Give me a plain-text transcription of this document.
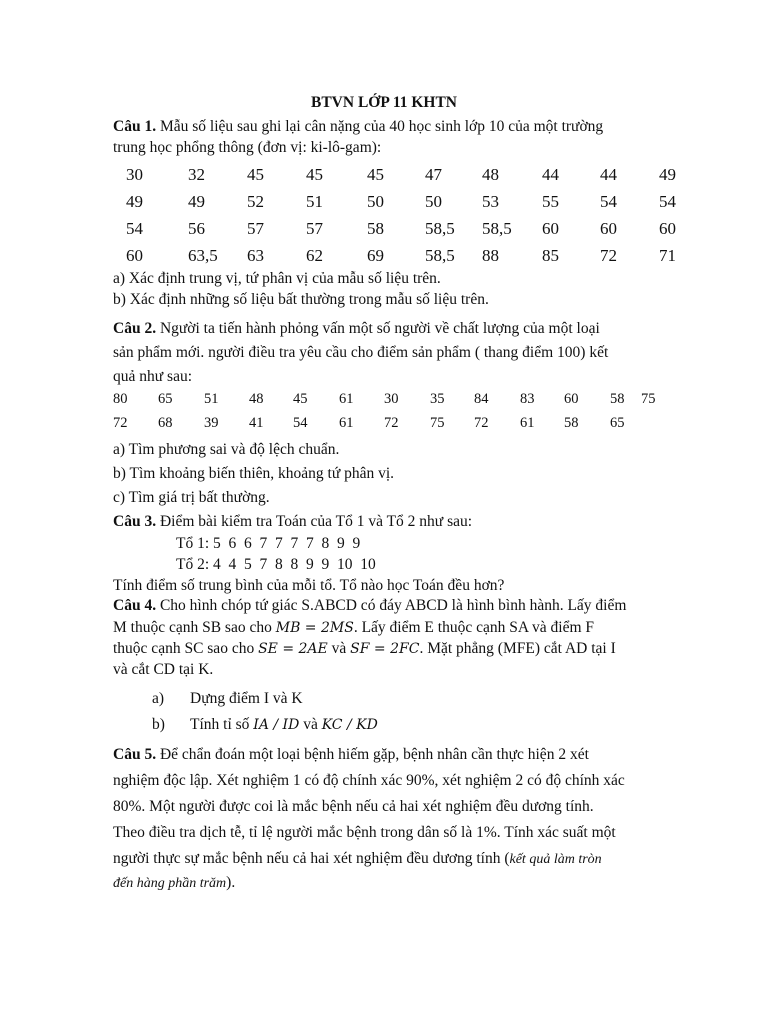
BTVN LỚP 11 KHTN
Câu 1. Mẫu số liệu sau ghi lại cân nặng của 40 học sinh lớp 10 của một trường
trung học phổng thông (đơn vị: ki-lô-gam):
30	32 45 45	45 47 48	44 44 49
49	49 52 51	50 50 53	55 54 54
54	56 57 57	58 58,5 58,5 60 60 60
60	63,5 63 62	69 58,5 88	85 72 71
a) Xác định trung vị, tứ phân vị của mẫu số liệu trên.
b) Xác định những số liệu bất thường trong mẫu số liệu trên.
Câu 2. Người ta tiến hành phỏng vấn một số người về chất lượng của một loại
sản phẩm mới. người điều tra yêu cầu cho điểm sản phẩm ( thang điểm 100) kết
quả như sau:
80 65 51 48 45 61 30 35 84 83 60 58 75
72 68 39 41 54 61 72 75 72 61 58 65
a) Tìm phương sai và độ lệch chuẩn.
b) Tìm khoảng biến thiên, khoảng tứ phân vị.
c) Tìm giá trị bất thường.
Câu 3. Điểm bài kiểm tra Toán của Tổ 1 và Tổ 2 như sau:
Tổ 1: 5  6  6  7  7  7  7  8  9  9
Tổ 2: 4  4  5  7  8  8  9  9  10  10
Tính điểm số trung bình của mỗi tổ. Tổ nào học Toán đều hơn?
Câu 4. Cho hình chóp tứ giác S.ABCD có đáy ABCD là hình bình hành. Lấy điểm
M thuộc cạnh SB sao cho MB = 2MS. Lấy điểm E thuộc cạnh SA và điểm F
thuộc cạnh SC sao cho SE = 2AE và SF = 2FC. Mặt phẳng (MFE) cắt AD tại I
và cắt CD tại K.
a) Dựng điểm I và K
b) Tính tỉ số IA / ID và KC / KD
Câu 5. Để chẩn đoán một loại bệnh hiếm gặp, bệnh nhân cần thực hiện 2 xét
nghiệm độc lập. Xét nghiệm 1 có độ chính xác 90%, xét nghiệm 2 có độ chính xác
80%. Một người được coi là mắc bệnh nếu cả hai xét nghiệm đều dương tính.
Theo điều tra dịch tễ, tỉ lệ người mắc bệnh trong dân số là 1%. Tính xác suất một
người thực sự mắc bệnh nếu cả hai xét nghiệm đều dương tính (kết quả làm tròn
đến hàng phần trăm).
